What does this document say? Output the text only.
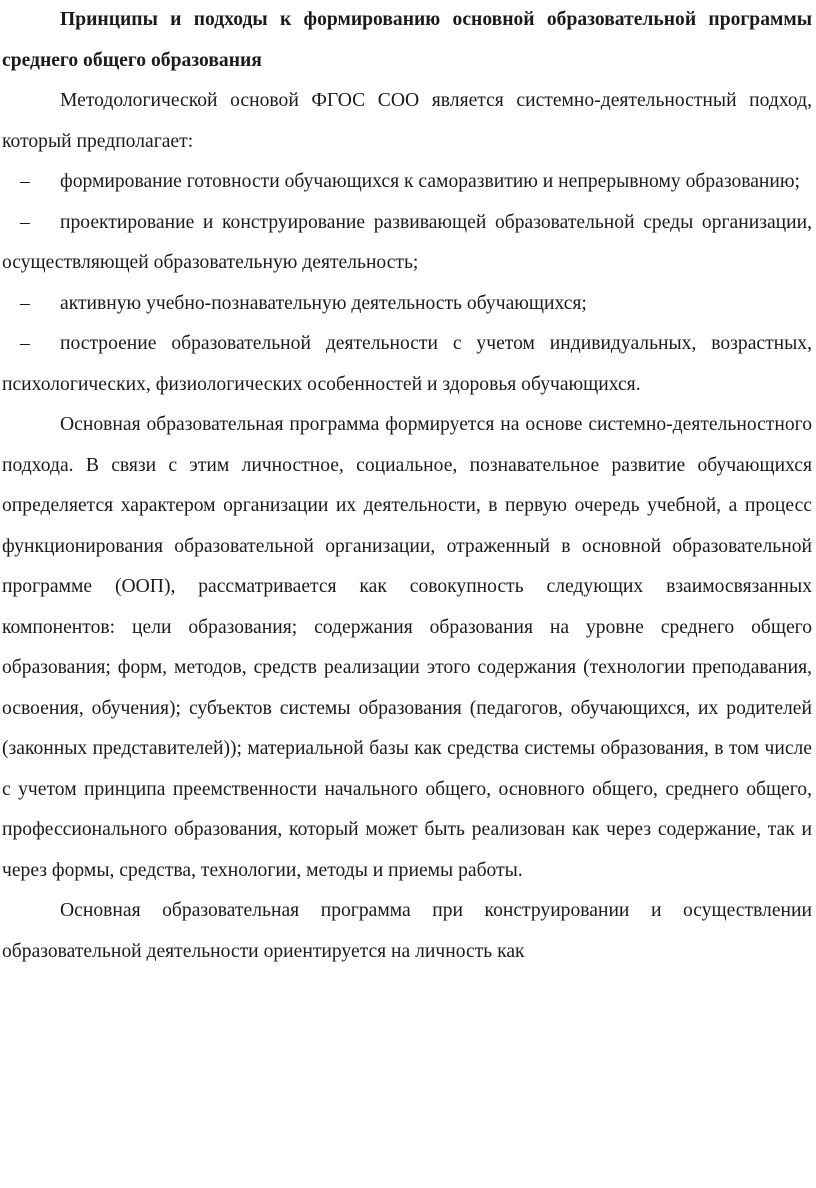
Принципы и подходы к формированию основной образовательной программы среднего общего образования

Методологической основой ФГОС СОО является системно-деятельностный подход, который предполагает:

– формирование готовности обучающихся к саморазвитию и непрерывному образованию;
– проектирование и конструирование развивающей образовательной среды организации, осуществляющей образовательную деятельность;
– активную учебно-познавательную деятельность обучающихся;
– построение образовательной деятельности с учетом индивидуальных, возрастных, психологических, физиологических особенностей и здоровья обучающихся.

Основная образовательная программа формируется на основе системно-деятельностного подхода. В связи с этим личностное, социальное, познавательное развитие обучающихся определяется характером организации их деятельности, в первую очередь учебной, а процесс функционирования образовательной организации, отраженный в основной образовательной программе (ООП), рассматривается как совокупность следующих взаимосвязанных компонентов: цели образования; содержания образования на уровне среднего общего образования; форм, методов, средств реализации этого содержания (технологии преподавания, освоения, обучения); субъектов системы образования (педагогов, обучающихся, их родителей (законных представителей)); материальной базы как средства системы образования, в том числе с учетом принципа преемственности начального общего, основного общего, среднего общего, профессионального образования, который может быть реализован как через содержание, так и через формы, средства, технологии, методы и приемы работы.

Основная образовательная программа при конструировании и осуществлении образовательной деятельности ориентируется на личность как
